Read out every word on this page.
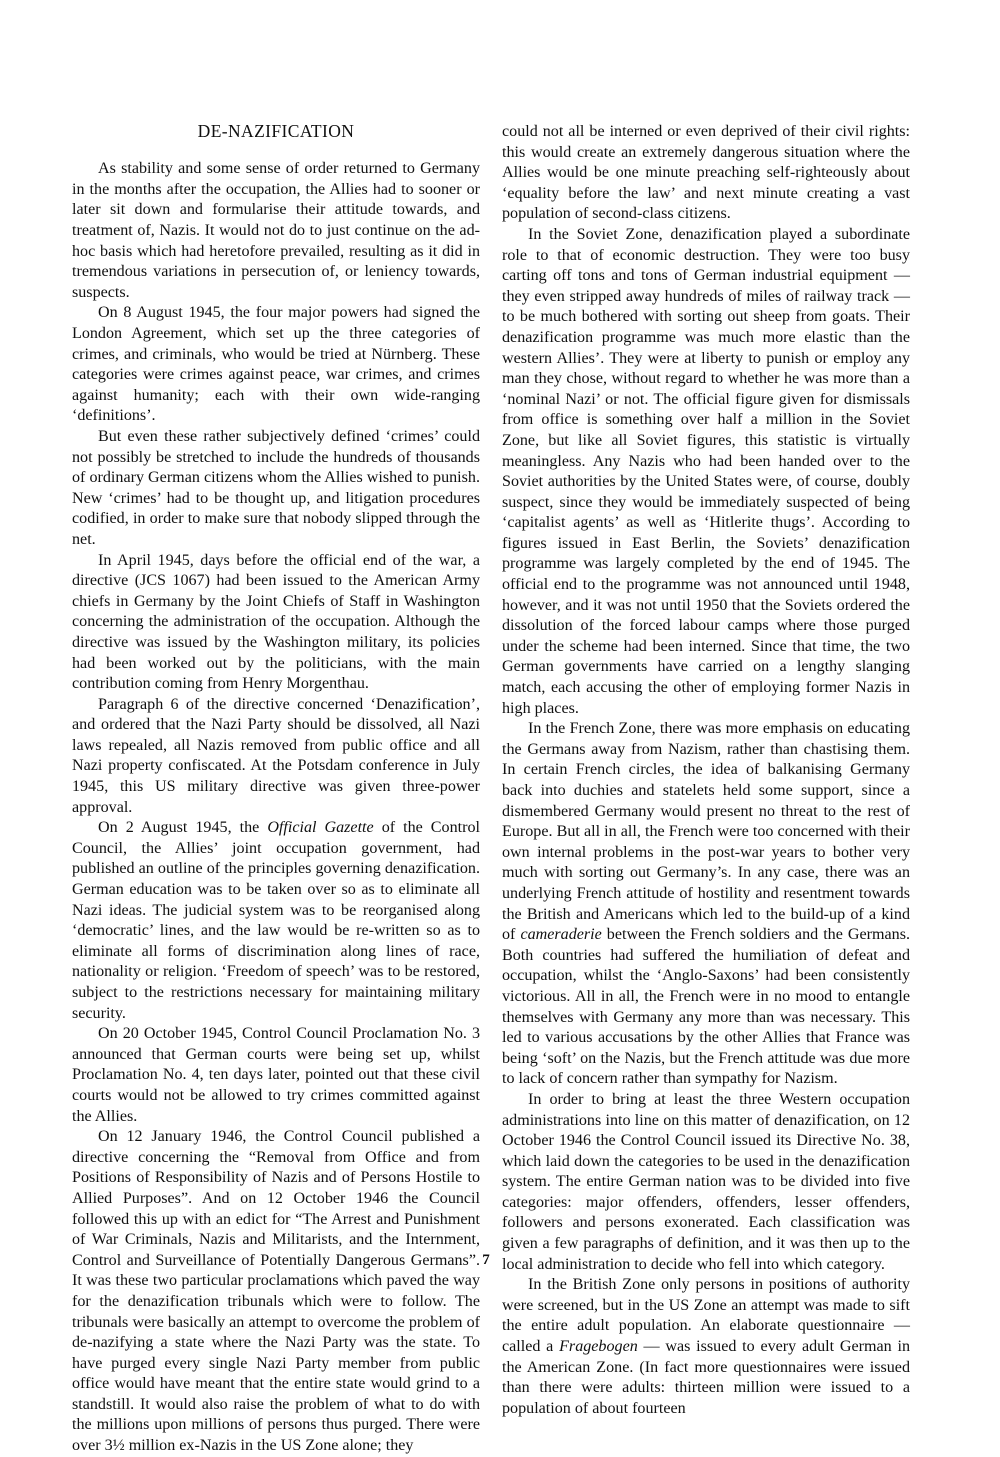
DE-NAZIFICATION

As stability and some sense of order returned to Germany in the months after the occupation, the Allies had to sooner or later sit down and formularise their attitude towards, and treatment of, Nazis. It would not do to just continue on the ad-hoc basis which had heretofore prevailed, resulting as it did in tremendous variations in persecution of, or leniency towards, suspects.

On 8 August 1945, the four major powers had signed the London Agreement, which set up the three categories of crimes, and criminals, who would be tried at Nürnberg. These categories were crimes against peace, war crimes, and crimes against humanity; each with their own wide-ranging ‘definitions’.

But even these rather subjectively defined ‘crimes’ could not possibly be stretched to include the hundreds of thousands of ordinary German citizens whom the Allies wished to punish. New ‘crimes’ had to be thought up, and litigation procedures codified, in order to make sure that nobody slipped through the net.

In April 1945, days before the official end of the war, a directive (JCS 1067) had been issued to the American Army chiefs in Germany by the Joint Chiefs of Staff in Washington concerning the administration of the occupation. Although the directive was issued by the Washington military, its policies had been worked out by the politicians, with the main contribution coming from Henry Morgenthau.

Paragraph 6 of the directive concerned ‘Denazification’, and ordered that the Nazi Party should be dissolved, all Nazi laws repealed, all Nazis removed from public office and all Nazi property confiscated. At the Potsdam conference in July 1945, this US military directive was given three-power approval.

On 2 August 1945, the Official Gazette of the Control Council, the Allies’ joint occupation government, had published an outline of the principles governing denazification. German education was to be taken over so as to eliminate all Nazi ideas. The judicial system was to be reorganised along ‘democratic’ lines, and the law would be re-written so as to eliminate all forms of discrimination along lines of race, nationality or religion. ‘Freedom of speech’ was to be restored, subject to the restrictions necessary for maintaining military security.

On 20 October 1945, Control Council Proclamation No. 3 announced that German courts were being set up, whilst Proclamation No. 4, ten days later, pointed out that these civil courts would not be allowed to try crimes committed against the Allies.

On 12 January 1946, the Control Council published a directive concerning the “Removal from Office and from Positions of Responsibility of Nazis and of Persons Hostile to Allied Purposes”. And on 12 October 1946 the Council followed this up with an edict for “The Arrest and Punishment of War Criminals, Nazis and Militarists, and the Internment, Control and Surveillance of Potentially Dangerous Germans”. It was these two particular proclamations which paved the way for the denazification tribunals which were to follow. The tribunals were basically an attempt to overcome the problem of de-nazifying a state where the Nazi Party was the state. To have purged every single Nazi Party member from public office would have meant that the entire state would grind to a standstill. It would also raise the problem of what to do with the millions upon millions of persons thus purged. There were over 3½ million ex-Nazis in the US Zone alone; they

could not all be interned or even deprived of their civil rights: this would create an extremely dangerous situation where the Allies would be one minute preaching self-righteously about ‘equality before the law’ and next minute creating a vast population of second-class citizens.

In the Soviet Zone, denazification played a subordinate role to that of economic destruction. They were too busy carting off tons and tons of German industrial equipment — they even stripped away hundreds of miles of railway track — to be much bothered with sorting out sheep from goats. Their denazification programme was much more elastic than the western Allies’. They were at liberty to punish or employ any man they chose, without regard to whether he was more than a ‘nominal Nazi’ or not. The official figure given for dismissals from office is something over half a million in the Soviet Zone, but like all Soviet figures, this statistic is virtually meaningless. Any Nazis who had been handed over to the Soviet authorities by the United States were, of course, doubly suspect, since they would be immediately suspected of being ‘capitalist agents’ as well as ‘Hitlerite thugs’. According to figures issued in East Berlin, the Soviets’ denazification programme was largely completed by the end of 1945. The official end to the programme was not announced until 1948, however, and it was not until 1950 that the Soviets ordered the dissolution of the forced labour camps where those purged under the scheme had been interned. Since that time, the two German governments have carried on a lengthy slanging match, each accusing the other of employing former Nazis in high places.

In the French Zone, there was more emphasis on educating the Germans away from Nazism, rather than chastising them. In certain French circles, the idea of balkanising Germany back into duchies and statelets held some support, since a dismembered Germany would present no threat to the rest of Europe. But all in all, the French were too concerned with their own internal problems in the post-war years to bother very much with sorting out Germany’s. In any case, there was an underlying French attitude of hostility and resentment towards the British and Americans which led to the build-up of a kind of cameraderie between the French soldiers and the Germans. Both countries had suffered the humiliation of defeat and occupation, whilst the ‘Anglo-Saxons’ had been consistently victorious. All in all, the French were in no mood to entangle themselves with Germany any more than was necessary. This led to various accusations by the other Allies that France was being ‘soft’ on the Nazis, but the French attitude was due more to lack of concern rather than sympathy for Nazism.

In order to bring at least the three Western occupation administrations into line on this matter of denazification, on 12 October 1946 the Control Council issued its Directive No. 38, which laid down the categories to be used in the denazification system. The entire German nation was to be divided into five categories: major offenders, offenders, lesser offenders, followers and persons exonerated. Each classification was given a few paragraphs of definition, and it was then up to the local administration to decide who fell into which category.

In the British Zone only persons in positions of authority were screened, but in the US Zone an attempt was made to sift the entire adult population. An elaborate questionnaire — called a Fragebogen — was issued to every adult German in the American Zone. (In fact more questionnaires were issued than there were adults: thirteen million were issued to a population of about fourteen

7
